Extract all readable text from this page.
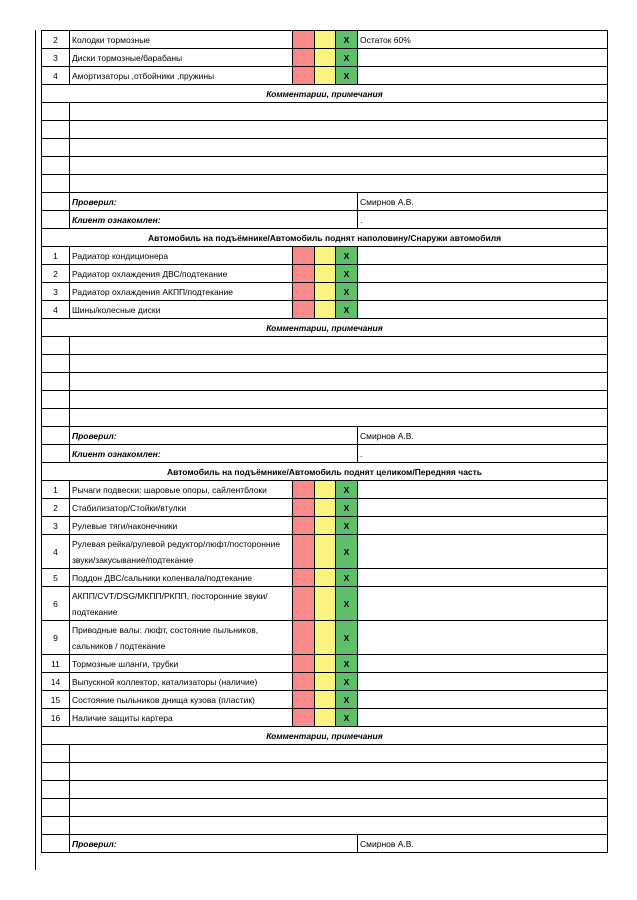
2	Колодки тормозные			X	Остаток 60%
3	Диски тормозные/барабаны			X	
4	Амортизаторы ,отбойники ,пружины			X	
Комментарии, примечания					

	Проверил:				Смирнов А.В.
	Клиент ознакомлен:				.
Автомобиль на подъёмнике/Автомобиль поднят наполовину/Снаружи автомобиля					
1	Радиатор кондиционера			X	
2	Радиатор охлаждения ДВС/подтекание			X	
3	Радиатор охлаждения АКПП/подтекание			X	
4	Шины/колесные диски			X	
Комментарии, примечания					

	Проверил:				Смирнов А.В.
	Клиент ознакомлен:				.
Автомобиль на подъёмнике/Автомобиль поднят целиком/Передняя часть					
1	Рычаги подвески: шаровые опоры, сайлентблоки			X	
2	Стабилизатор/Стойки/втулки			X	
3	Рулевые тяги/наконечники			X	
4	Рулевая рейка/рулевой редуктор/люфт/посторонние звуки/закусывание/подтекание			X	
5	Поддон ДВС/сальники коленвала/подтекание			X	
6	АКПП/CVT/DSG/МКПП/РКПП, посторонние звуки/ подтекание			X	
9	Приводные валы: люфт, состояние пыльников, сальников / подтекание			X	
11	Тормозные шланги, трубки			X	
14	Выпускной коллектор, катализаторы (наличие)			X	
15	Состояние пыльников днища кузова (пластик)			X	
16	Наличие защиты картера			X	
Комментарии, примечания					

	Проверил:				Смирнов А.В.
